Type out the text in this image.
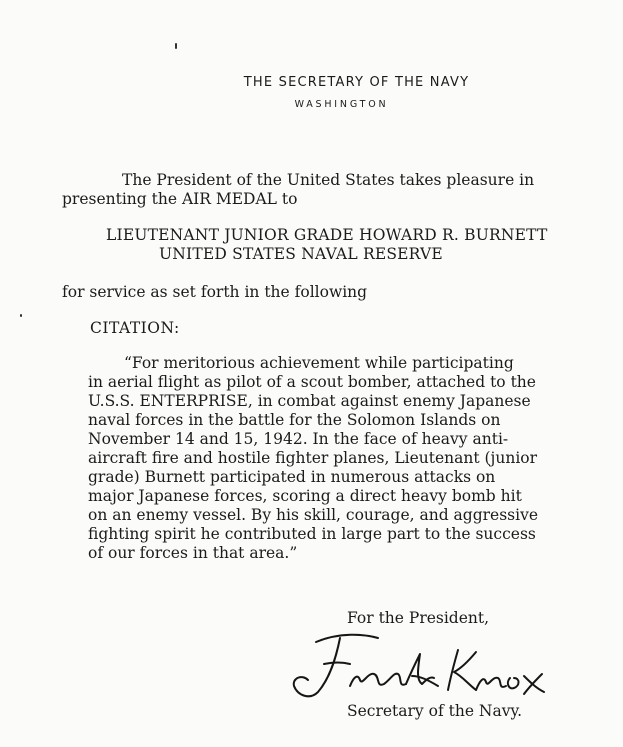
THE SECRETARY OF THE NAVY
WASHINGTON
The President of the United States takes pleasure in
presenting the AIR MEDAL to
LIEUTENANT JUNIOR GRADE HOWARD R. BURNETT
UNITED STATES NAVAL RESERVE
for service as set forth in the following
CITATION:
“For meritorious achievement while participating
in aerial flight as pilot of a scout bomber, attached to the
U.S.S. ENTERPRISE, in combat against enemy Japanese
naval forces in the battle for the Solomon Islands on
November 14 and 15, 1942. In the face of heavy anti-
aircraft fire and hostile fighter planes, Lieutenant (junior
grade) Burnett participated in numerous attacks on
major Japanese forces, scoring a direct heavy bomb hit
on an enemy vessel. By his skill, courage, and aggressive
fighting spirit he contributed in large part to the success
of our forces in that area.”
For the President,
Secretary of the Navy.
